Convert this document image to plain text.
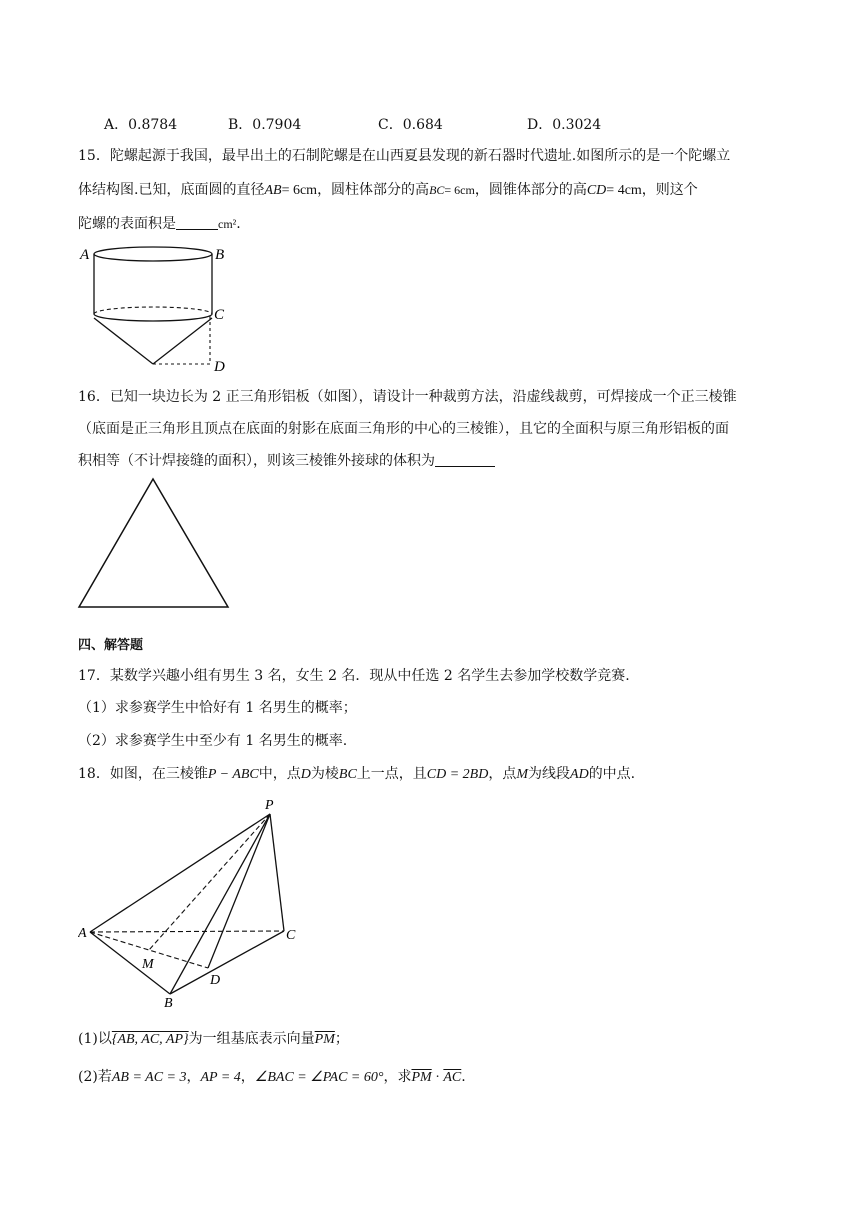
A．0.8784	B．0.7904	C．0.684	D．0.3024
15．陀螺起源于我国，最早出土的石制陀螺是在山西夏县发现的新石器时代遗址.如图所示的是一个陀螺立
体结构图.已知，底面圆的直径AB= 6cm，圆柱体部分的高BC= 6cm，圆锥体部分的高CD= 4cm，则这个
陀螺的表面积是	cm².
A	B
C
D
16．已知一块边长为 2 正三角形铝板（如图），请设计一种裁剪方法，沿虚线裁剪，可焊接成一个正三棱锥
（底面是正三角形且顶点在底面的射影在底面三角形的中心的三棱锥），且它的全面积与原三角形铝板的面
积相等（不计焊接缝的面积），则该三棱锥外接球的体积为
四、解答题
17．某数学兴趣小组有男生 3 名，女生 2 名．现从中任选 2 名学生去参加学校数学竞赛.
（1）求参赛学生中恰好有 1 名男生的概率；
（2）求参赛学生中至少有 1 名男生的概率.
18．如图，在三棱锥P − ABC中，点D为棱BC上一点，且CD = 2BD，点M为线段AD的中点.
P
A
B
C
D
M
(1)以{AB, AC, AP}为一组基底表示向量$\overline{PM}$；
(2)若AB = AC = 3，AP = 4，∠BAC = ∠PAC = 60°，求$\overline{PM} \cdot \overline{AC}$.
